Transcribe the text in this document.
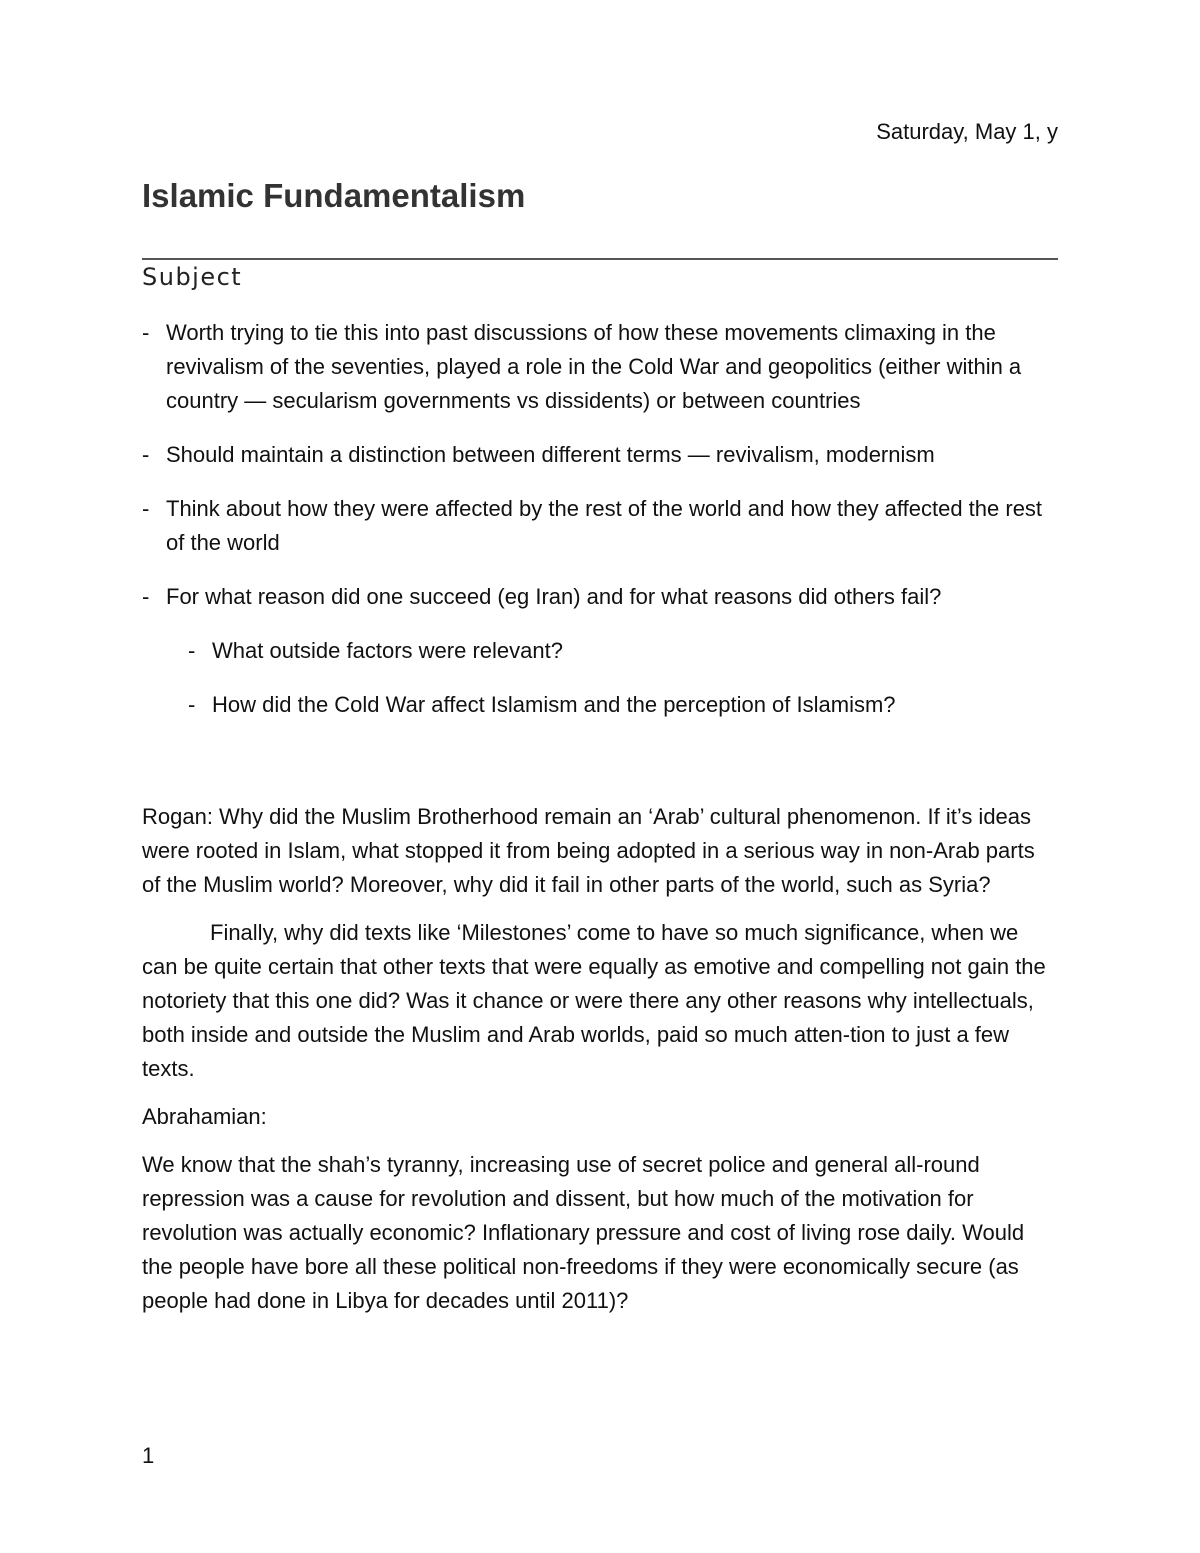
Saturday, May 1, y
Islamic Fundamentalism
Subject
- Worth trying to tie this into past discussions of how these movements climaxing in the revivalism of the seventies, played a role in the Cold War and geopolitics (either within a country — secularism governments vs dissidents) or between countries
- Should maintain a distinction between different terms — revivalism, modernism
- Think about how they were affected by the rest of the world and how they affected the rest of the world
- For what reason did one succeed (eg Iran) and for what reasons did others fail?
- What outside factors were relevant?
- How did the Cold War affect Islamism and the perception of Islamism?

Rogan: Why did the Muslim Brotherhood remain an ‘Arab’ cultural phenomenon. If it’s ideas were rooted in Islam, what stopped it from being adopted in a serious way in non-Arab parts of the Muslim world? Moreover, why did it fail in other parts of the world, such as Syria?

Finally, why did texts like ‘Milestones’ come to have so much significance, when we can be quite certain that other texts that were equally as emotive and compelling not gain the notoriety that this one did? Was it chance or were there any other reasons why intellectuals, both inside and outside the Muslim and Arab worlds, paid so much atten-tion to just a few texts.

Abrahamian:

We know that the shah’s tyranny, increasing use of secret police and general all-round repression was a cause for revolution and dissent, but how much of the motivation for revolution was actually economic? Inflationary pressure and cost of living rose daily. Would the people have bore all these political non-freedoms if they were economically secure (as people had done in Libya for decades until 2011)?

1
